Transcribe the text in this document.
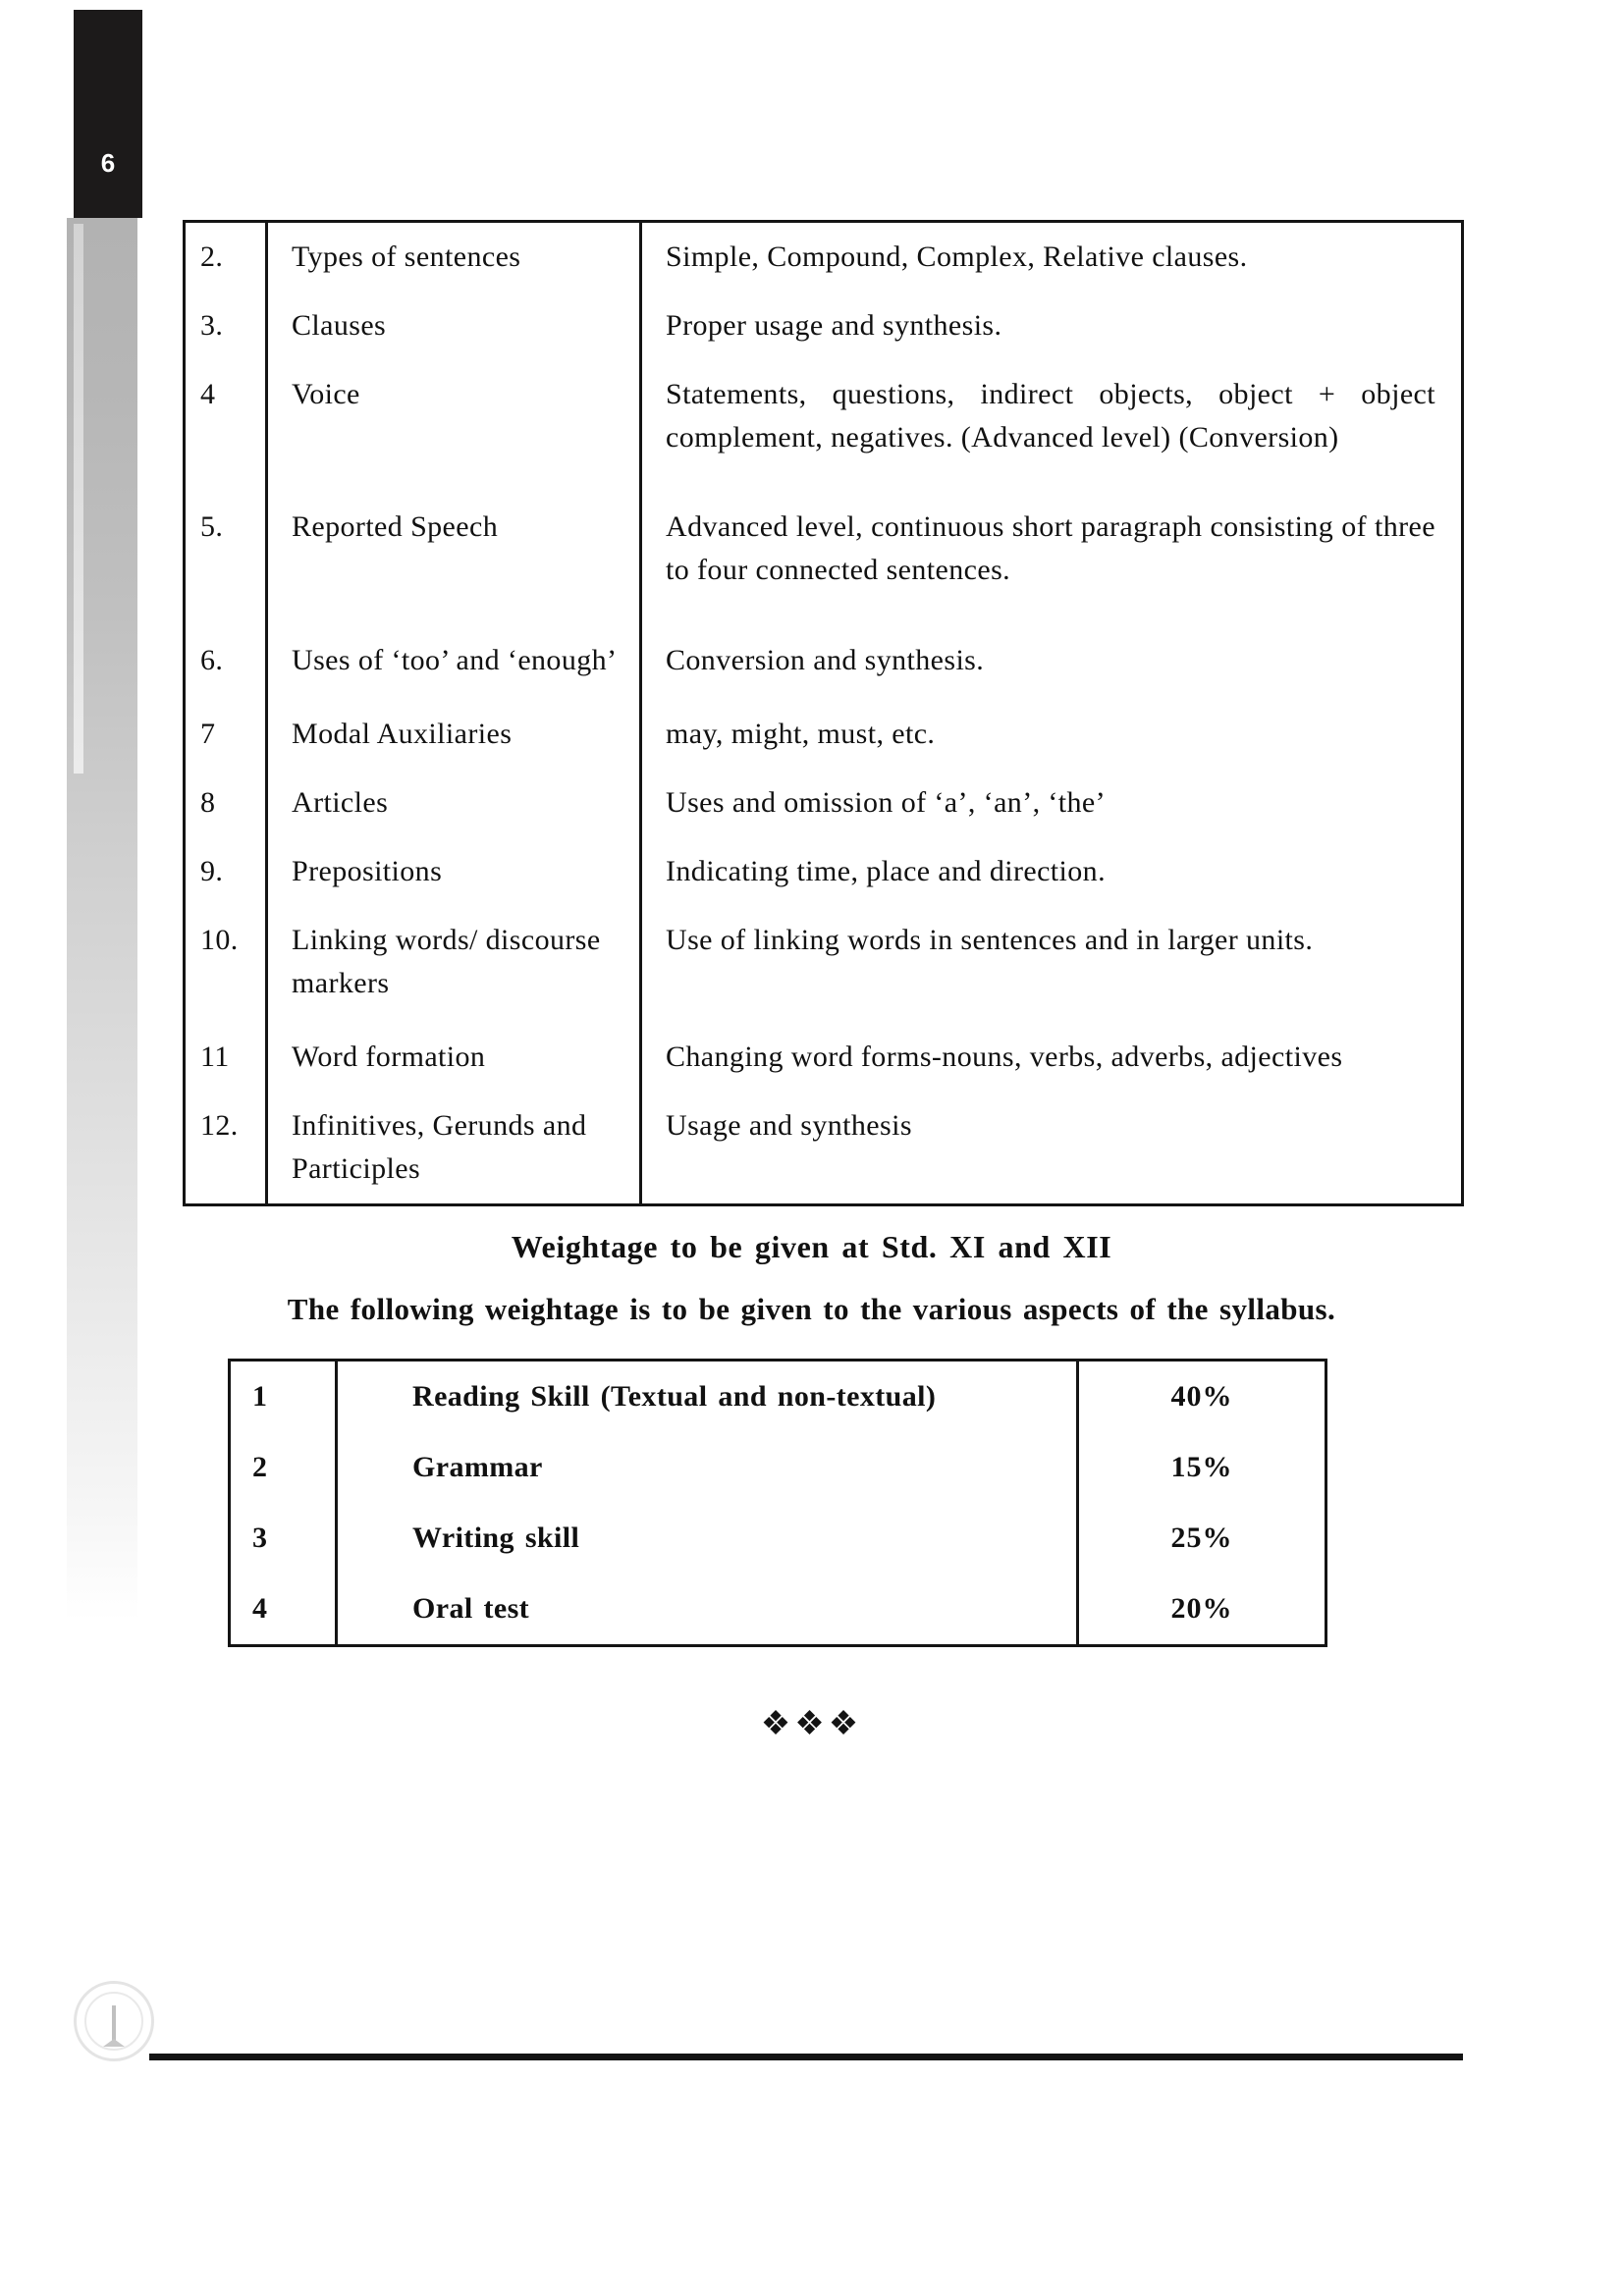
6
2.	Types of sentences	Simple, Compound, Complex, Relative clauses.
3.	Clauses	Proper usage and synthesis.
4	Voice	Statements, questions, indirect objects, object + object complement, negatives. (Advanced level) (Conversion)
5.	Reported Speech	Advanced level, continuous short paragraph consisting of three to four connected sentences.
6.	Uses of ‘too’ and ‘enough’	Conversion and synthesis.
7	Modal Auxiliaries	may, might, must, etc.
8	Articles	Uses and omission of ‘a’, ‘an’, ‘the’
9.	Prepositions	Indicating time, place and direction.
10.	Linking words/ discourse markers	Use of linking words in sentences and in larger units.
11	Word formation	Changing word forms-nouns, verbs, adverbs, adjectives
12.	Infinitives, Gerunds and Participles	Usage and synthesis
Weightage to be given at Std. XI and XII
The following weightage is to be given to the various aspects of the syllabus.
1	Reading Skill (Textual and non-textual)	40%
2	Grammar	15%
3	Writing skill	25%
4	Oral test	20%
❖❖❖
